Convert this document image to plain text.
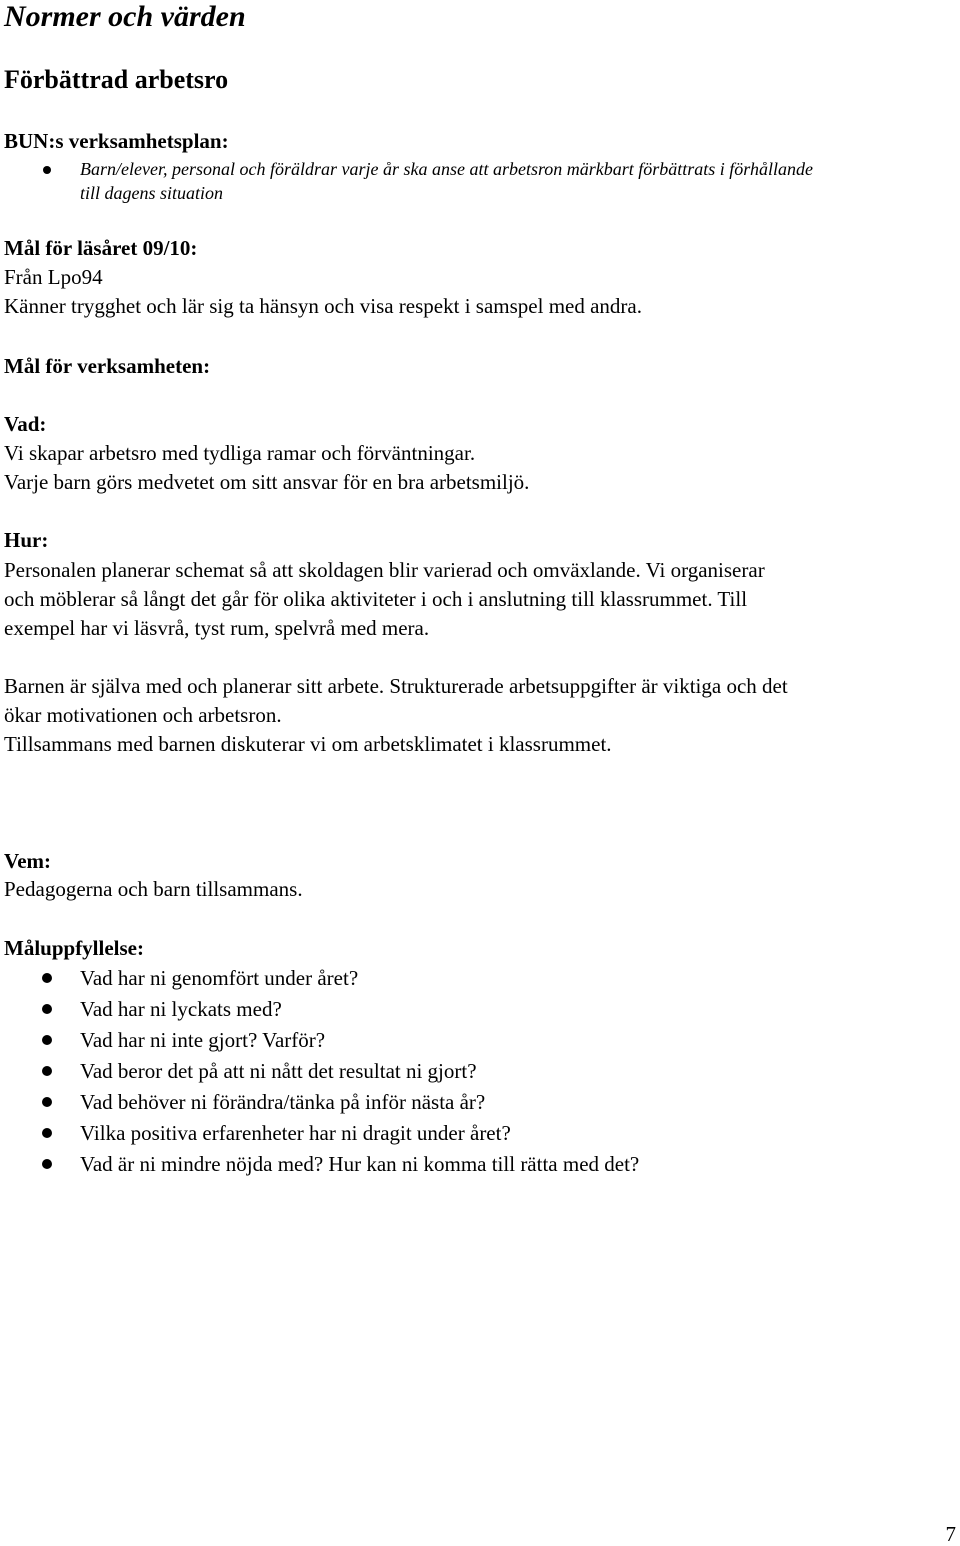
Normer och värden
Förbättrad arbetsro
BUN:s verksamhetsplan:
Barn/elever, personal och föräldrar varje år ska anse att arbetsron märkbart förbättrats i förhållande
till dagens situation
Mål för läsåret 09/10:
Från Lpo94
Känner trygghet och lär sig ta hänsyn och visa respekt i samspel med andra.
Mål för verksamheten:
Vad:
Vi skapar arbetsro med tydliga ramar och förväntningar.
Varje barn görs medvetet om sitt ansvar för en bra arbetsmiljö.
Hur:
Personalen planerar schemat så att skoldagen blir varierad och omväxlande. Vi organiserar
och möblerar så långt det går för olika aktiviteter i och i anslutning till klassrummet. Till
exempel har vi läsvrå, tyst rum, spelvrå med mera.
Barnen är själva med och planerar sitt arbete. Strukturerade arbetsuppgifter är viktiga och det
ökar motivationen och arbetsron.
Tillsammans med barnen diskuterar vi om arbetsklimatet i klassrummet.
Vem:
Pedagogerna och barn tillsammans.
Måluppfyllelse:
Vad har ni genomfört under året?
Vad har ni lyckats med?
Vad har ni inte gjort? Varför?
Vad beror det på att ni nått det resultat ni gjort?
Vad behöver ni förändra/tänka på inför nästa år?
Vilka positiva erfarenheter har ni dragit under året?
Vad är ni mindre nöjda med? Hur kan ni komma till rätta med det?
7
